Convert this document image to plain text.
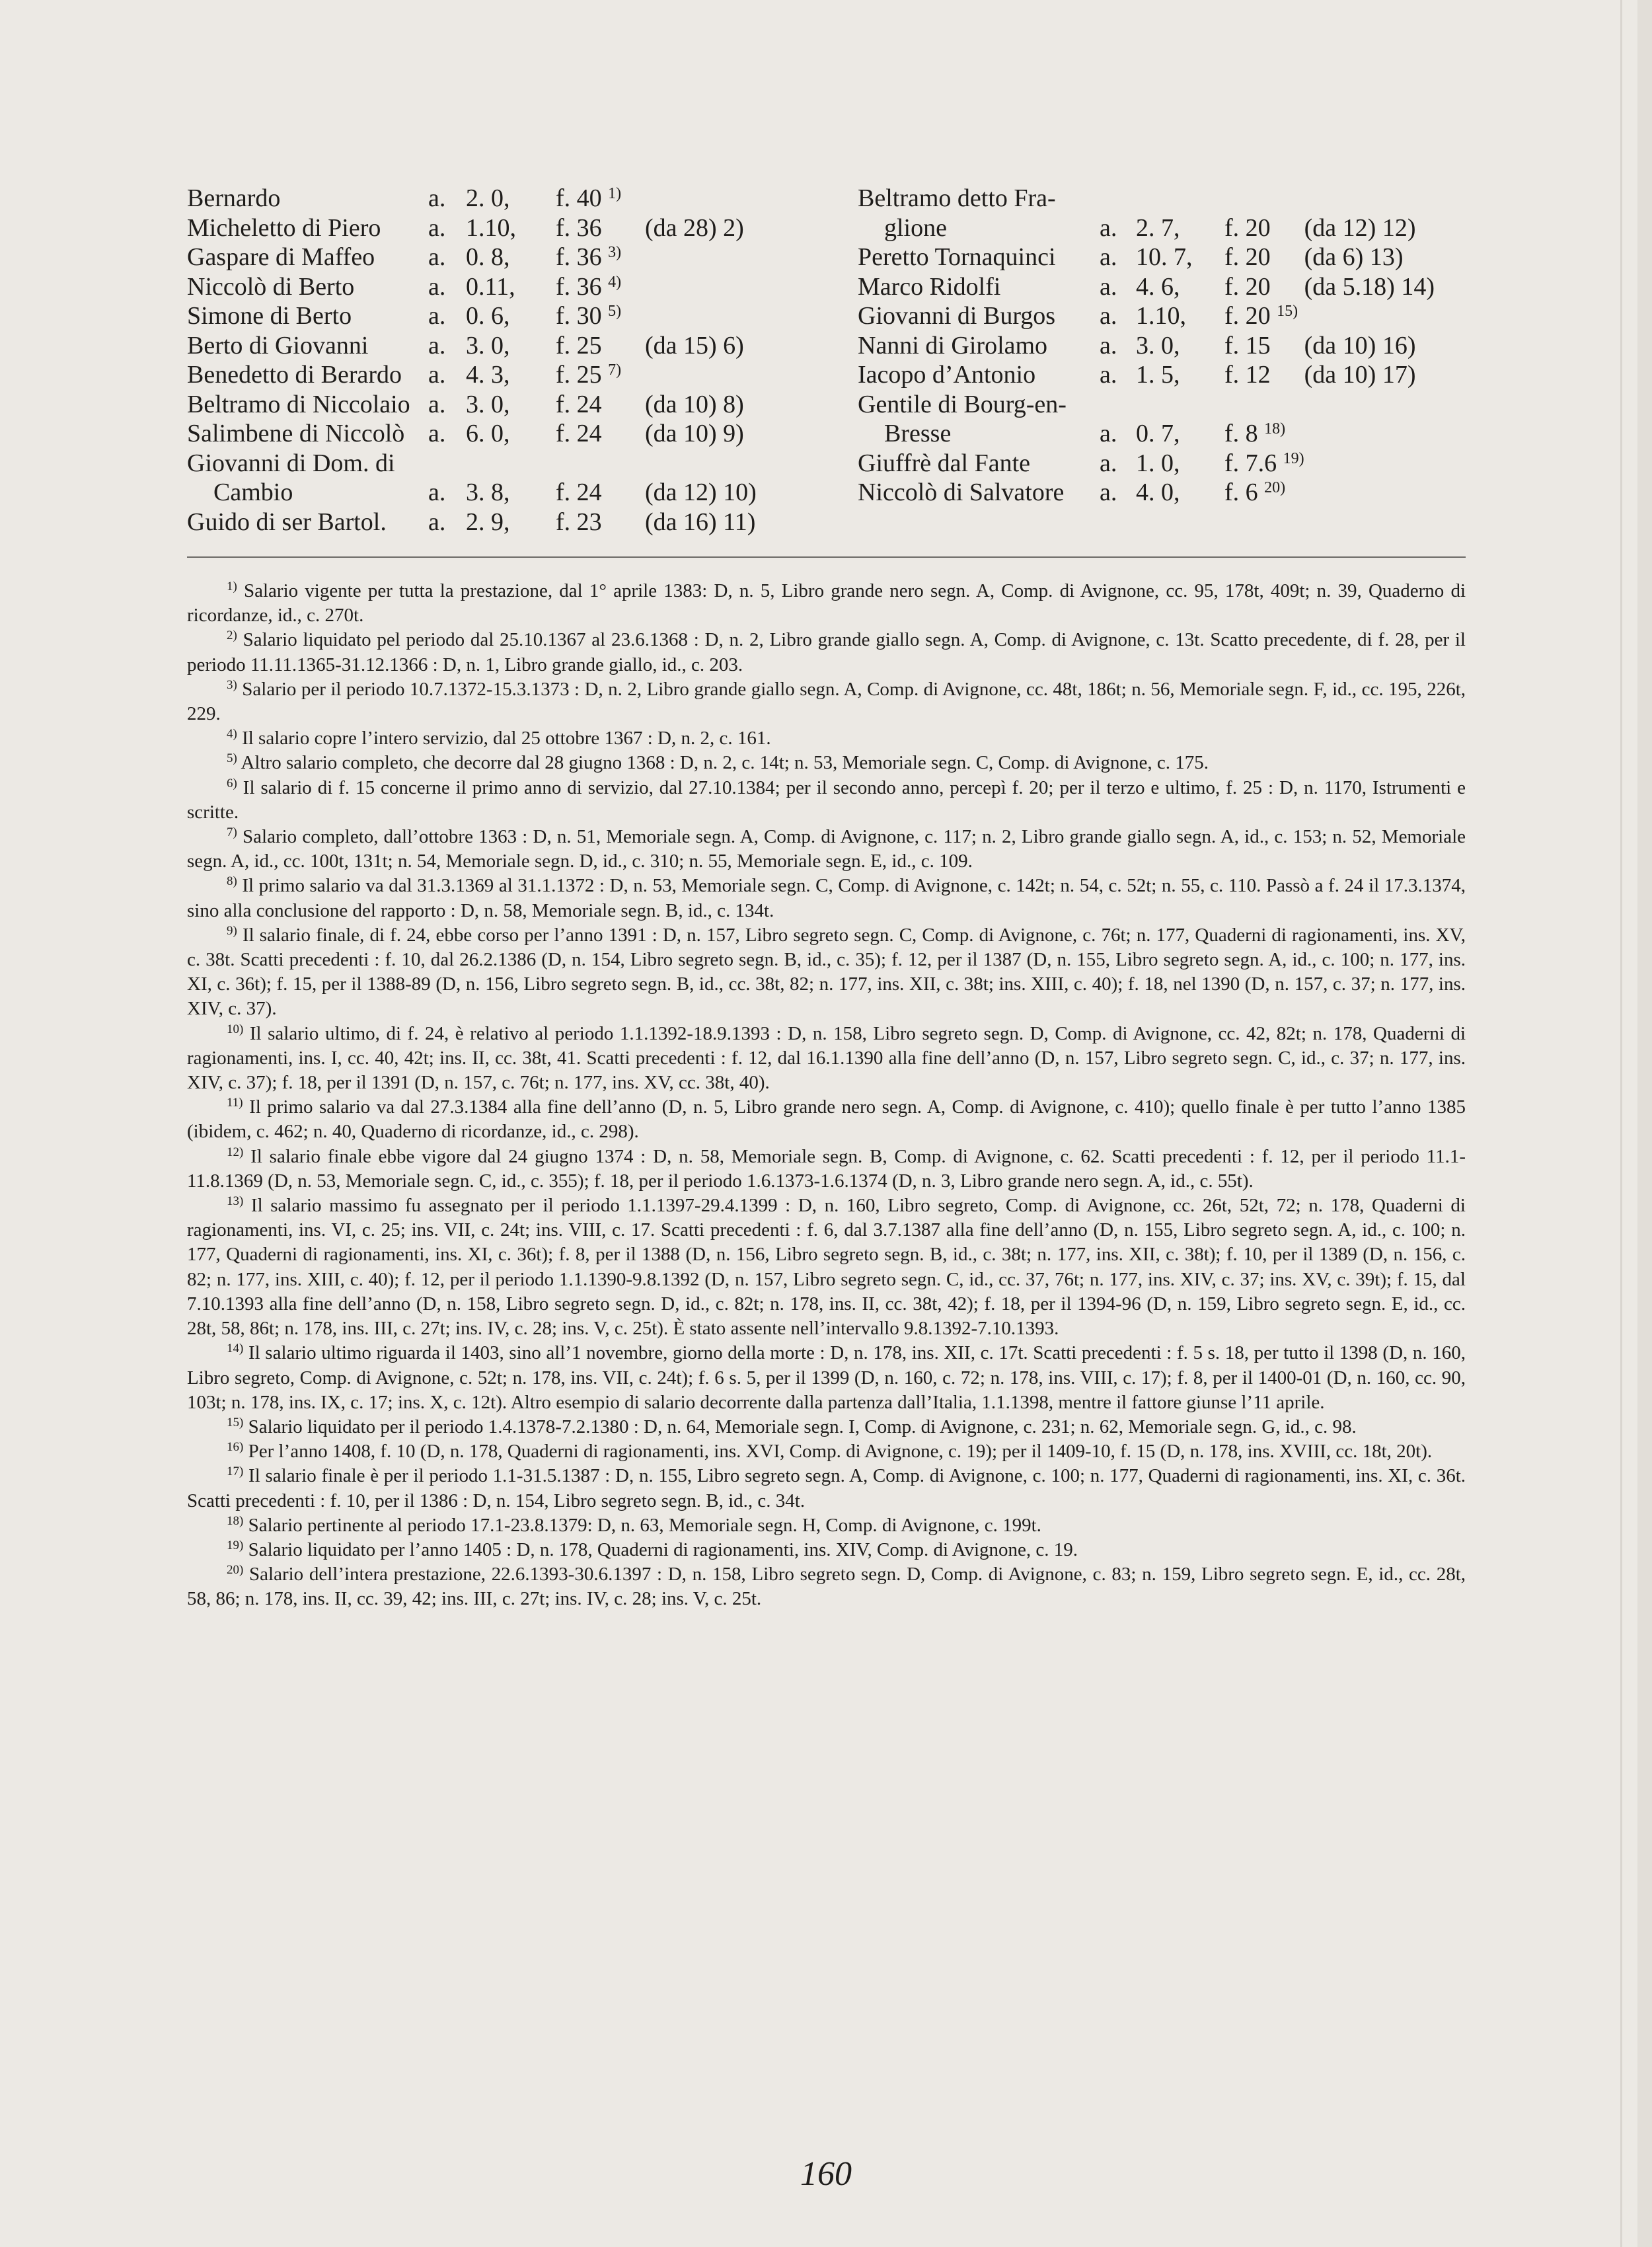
Bernardo	a.	2. 0,	f. 40 $^{1)}$	
Micheletto di Piero	a.	1.10,	f. 36	(da 28) 2)
Gaspare di Maffeo	a.	0. 8,	f. 36 $^{3)}$	
Niccolò di Berto	a.	0.11,	f. 36 $^{4)}$	
Simone di Berto	a.	0. 6,	f. 30 $^{5)}$	
Berto di Giovanni	a.	3. 0,	f. 25	(da 15) 6)
Benedetto di Berardo	a.	4. 3,	f. 25 $^{7)}$	
Beltramo di Niccolaio	a.	3. 0,	f. 24	(da 10) 8)
Salimbene di Niccolò	a.	6. 0,	f. 24	(da 10) 9)
Giovanni di Dom. di				
Cambio	a.	3. 8,	f. 24	(da 12) 10)
Guido di ser Bartol.	a.	2. 9,	f. 23	(da 16) 11)
Beltramo detto Fra-				
glione	a.	2. 7,	f. 20	(da 12) 12)
Peretto Tornaquinci	a.	10. 7,	f. 20	(da 6) 13)
Marco Ridolfi	a.	4. 6,	f. 20	(da 5.18) 14)
Giovanni di Burgos	a.	1.10,	f. 20 $^{15)}$	
Nanni di Girolamo	a.	3. 0,	f. 15	(da 10) 16)
Iacopo d’Antonio	a.	1. 5,	f. 12	(da 10) 17)
Gentile di Bourg-en-				
Bresse	a.	0. 7,	f. 8 $^{18)}$	
Giuffrè dal Fante	a.	1. 0,	f. 7.6 $^{19)}$	
Niccolò di Salvatore	a.	4. 0,	f. 6 $^{20)}$	

$^{1)}$ Salario vigente per tutta la prestazione, dal 1° aprile 1383: D, n. 5, Libro grande nero segn. A, Comp. di Avignone, cc. 95, 178t, 409t; n. 39, Quaderno di ricordanze, id., c. 270t.

$^{2)}$ Salario liquidato pel periodo dal 25.10.1367 al 23.6.1368 : D, n. 2, Libro grande giallo segn. A, Comp. di Avignone, c. 13t. Scatto precedente, di f. 28, per il periodo 11.11.1365-31.12.1366 : D, n. 1, Libro grande giallo, id., c. 203.

$^{3)}$ Salario per il periodo 10.7.1372-15.3.1373 : D, n. 2, Libro grande giallo segn. A, Comp. di Avignone, cc. 48t, 186t; n. 56, Memoriale segn. F, id., cc. 195, 226t, 229.

$^{4)}$ Il salario copre l’intero servizio, dal 25 ottobre 1367 : D, n. 2, c. 161.

$^{5)}$ Altro salario completo, che decorre dal 28 giugno 1368 : D, n. 2, c. 14t; n. 53, Memoriale segn. C, Comp. di Avignone, c. 175.

$^{6)}$ Il salario di f. 15 concerne il primo anno di servizio, dal 27.10.1384; per il secondo anno, percepì f. 20; per il terzo e ultimo, f. 25 : D, n. 1170, Istrumenti e scritte.

$^{7)}$ Salario completo, dall’ottobre 1363 : D, n. 51, Memoriale segn. A, Comp. di Avignone, c. 117; n. 2, Libro grande giallo segn. A, id., c. 153; n. 52, Memoriale segn. A, id., cc. 100t, 131t; n. 54, Memoriale segn. D, id., c. 310; n. 55, Memoriale segn. E, id., c. 109.

$^{8)}$ Il primo salario va dal 31.3.1369 al 31.1.1372 : D, n. 53, Memoriale segn. C, Comp. di Avignone, c. 142t; n. 54, c. 52t; n. 55, c. 110. Passò a f. 24 il 17.3.1374, sino alla conclusione del rapporto : D, n. 58, Memoriale segn. B, id., c. 134t.

$^{9)}$ Il salario finale, di f. 24, ebbe corso per l’anno 1391 : D, n. 157, Libro segreto segn. C, Comp. di Avignone, c. 76t; n. 177, Quaderni di ragionamenti, ins. XV, c. 38t. Scatti precedenti : f. 10, dal 26.2.1386 (D, n. 154, Libro segreto segn. B, id., c. 35); f. 12, per il 1387 (D, n. 155, Libro segreto segn. A, id., c. 100; n. 177, ins. XI, c. 36t); f. 15, per il 1388-89 (D, n. 156, Libro segreto segn. B, id., cc. 38t, 82; n. 177, ins. XII, c. 38t; ins. XIII, c. 40); f. 18, nel 1390 (D, n. 157, c. 37; n. 177, ins. XIV, c. 37).

$^{10)}$ Il salario ultimo, di f. 24, è relativo al periodo 1.1.1392-18.9.1393 : D, n. 158, Libro segreto segn. D, Comp. di Avignone, cc. 42, 82t; n. 178, Quaderni di ragionamenti, ins. I, cc. 40, 42t; ins. II, cc. 38t, 41. Scatti precedenti : f. 12, dal 16.1.1390 alla fine dell’anno (D, n. 157, Libro segreto segn. C, id., c. 37; n. 177, ins. XIV, c. 37); f. 18, per il 1391 (D, n. 157, c. 76t; n. 177, ins. XV, cc. 38t, 40).

$^{11)}$ Il primo salario va dal 27.3.1384 alla fine dell’anno (D, n. 5, Libro grande nero segn. A, Comp. di Avignone, c. 410); quello finale è per tutto l’anno 1385 (ibidem, c. 462; n. 40, Quaderno di ricordanze, id., c. 298).

$^{12)}$ Il salario finale ebbe vigore dal 24 giugno 1374 : D, n. 58, Memoriale segn. B, Comp. di Avignone, c. 62. Scatti precedenti : f. 12, per il periodo 11.1-11.8.1369 (D, n. 53, Memoriale segn. C, id., c. 355); f. 18, per il periodo 1.6.1373-1.6.1374 (D, n. 3, Libro grande nero segn. A, id., c. 55t).

$^{13)}$ Il salario massimo fu assegnato per il periodo 1.1.1397-29.4.1399 : D, n. 160, Libro segreto, Comp. di Avignone, cc. 26t, 52t, 72; n. 178, Quaderni di ragionamenti, ins. VI, c. 25; ins. VII, c. 24t; ins. VIII, c. 17. Scatti precedenti : f. 6, dal 3.7.1387 alla fine dell’anno (D, n. 155, Libro segreto segn. A, id., c. 100; n. 177, Quaderni di ragionamenti, ins. XI, c. 36t); f. 8, per il 1388 (D, n. 156, Libro segreto segn. B, id., c. 38t; n. 177, ins. XII, c. 38t); f. 10, per il 1389 (D, n. 156, c. 82; n. 177, ins. XIII, c. 40); f. 12, per il periodo 1.1.1390-9.8.1392 (D, n. 157, Libro segreto segn. C, id., cc. 37, 76t; n. 177, ins. XIV, c. 37; ins. XV, c. 39t); f. 15, dal 7.10.1393 alla fine dell’anno (D, n. 158, Libro segreto segn. D, id., c. 82t; n. 178, ins. II, cc. 38t, 42); f. 18, per il 1394-96 (D, n. 159, Libro segreto segn. E, id., cc. 28t, 58, 86t; n. 178, ins. III, c. 27t; ins. IV, c. 28; ins. V, c. 25t). È stato assente nell’intervallo 9.8.1392-7.10.1393.

$^{14)}$ Il salario ultimo riguarda il 1403, sino all’1 novembre, giorno della morte : D, n. 178, ins. XII, c. 17t. Scatti precedenti : f. 5 s. 18, per tutto il 1398 (D, n. 160, Libro segreto, Comp. di Avignone, c. 52t; n. 178, ins. VII, c. 24t); f. 6 s. 5, per il 1399 (D, n. 160, c. 72; n. 178, ins. VIII, c. 17); f. 8, per il 1400-01 (D, n. 160, cc. 90, 103t; n. 178, ins. IX, c. 17; ins. X, c. 12t). Altro esempio di salario decorrente dalla partenza dall’Italia, 1.1.1398, mentre il fattore giunse l’11 aprile.

$^{15)}$ Salario liquidato per il periodo 1.4.1378-7.2.1380 : D, n. 64, Memoriale segn. I, Comp. di Avignone, c. 231; n. 62, Memoriale segn. G, id., c. 98.

$^{16)}$ Per l’anno 1408, f. 10 (D, n. 178, Quaderni di ragionamenti, ins. XVI, Comp. di Avignone, c. 19); per il 1409-10, f. 15 (D, n. 178, ins. XVIII, cc. 18t, 20t).

$^{17)}$ Il salario finale è per il periodo 1.1-31.5.1387 : D, n. 155, Libro segreto segn. A, Comp. di Avignone, c. 100; n. 177, Quaderni di ragionamenti, ins. XI, c. 36t. Scatti precedenti : f. 10, per il 1386 : D, n. 154, Libro segreto segn. B, id., c. 34t.

$^{18)}$ Salario pertinente al periodo 17.1-23.8.1379: D, n. 63, Memoriale segn. H, Comp. di Avignone, c. 199t.

$^{19)}$ Salario liquidato per l’anno 1405 : D, n. 178, Quaderni di ragionamenti, ins. XIV, Comp. di Avignone, c. 19.

$^{20)}$ Salario dell’intera prestazione, 22.6.1393-30.6.1397 : D, n. 158, Libro segreto segn. D, Comp. di Avignone, c. 83; n. 159, Libro segreto segn. E, id., cc. 28t, 58, 86; n. 178, ins. II, cc. 39, 42; ins. III, c. 27t; ins. IV, c. 28; ins. V, c. 25t.

160
